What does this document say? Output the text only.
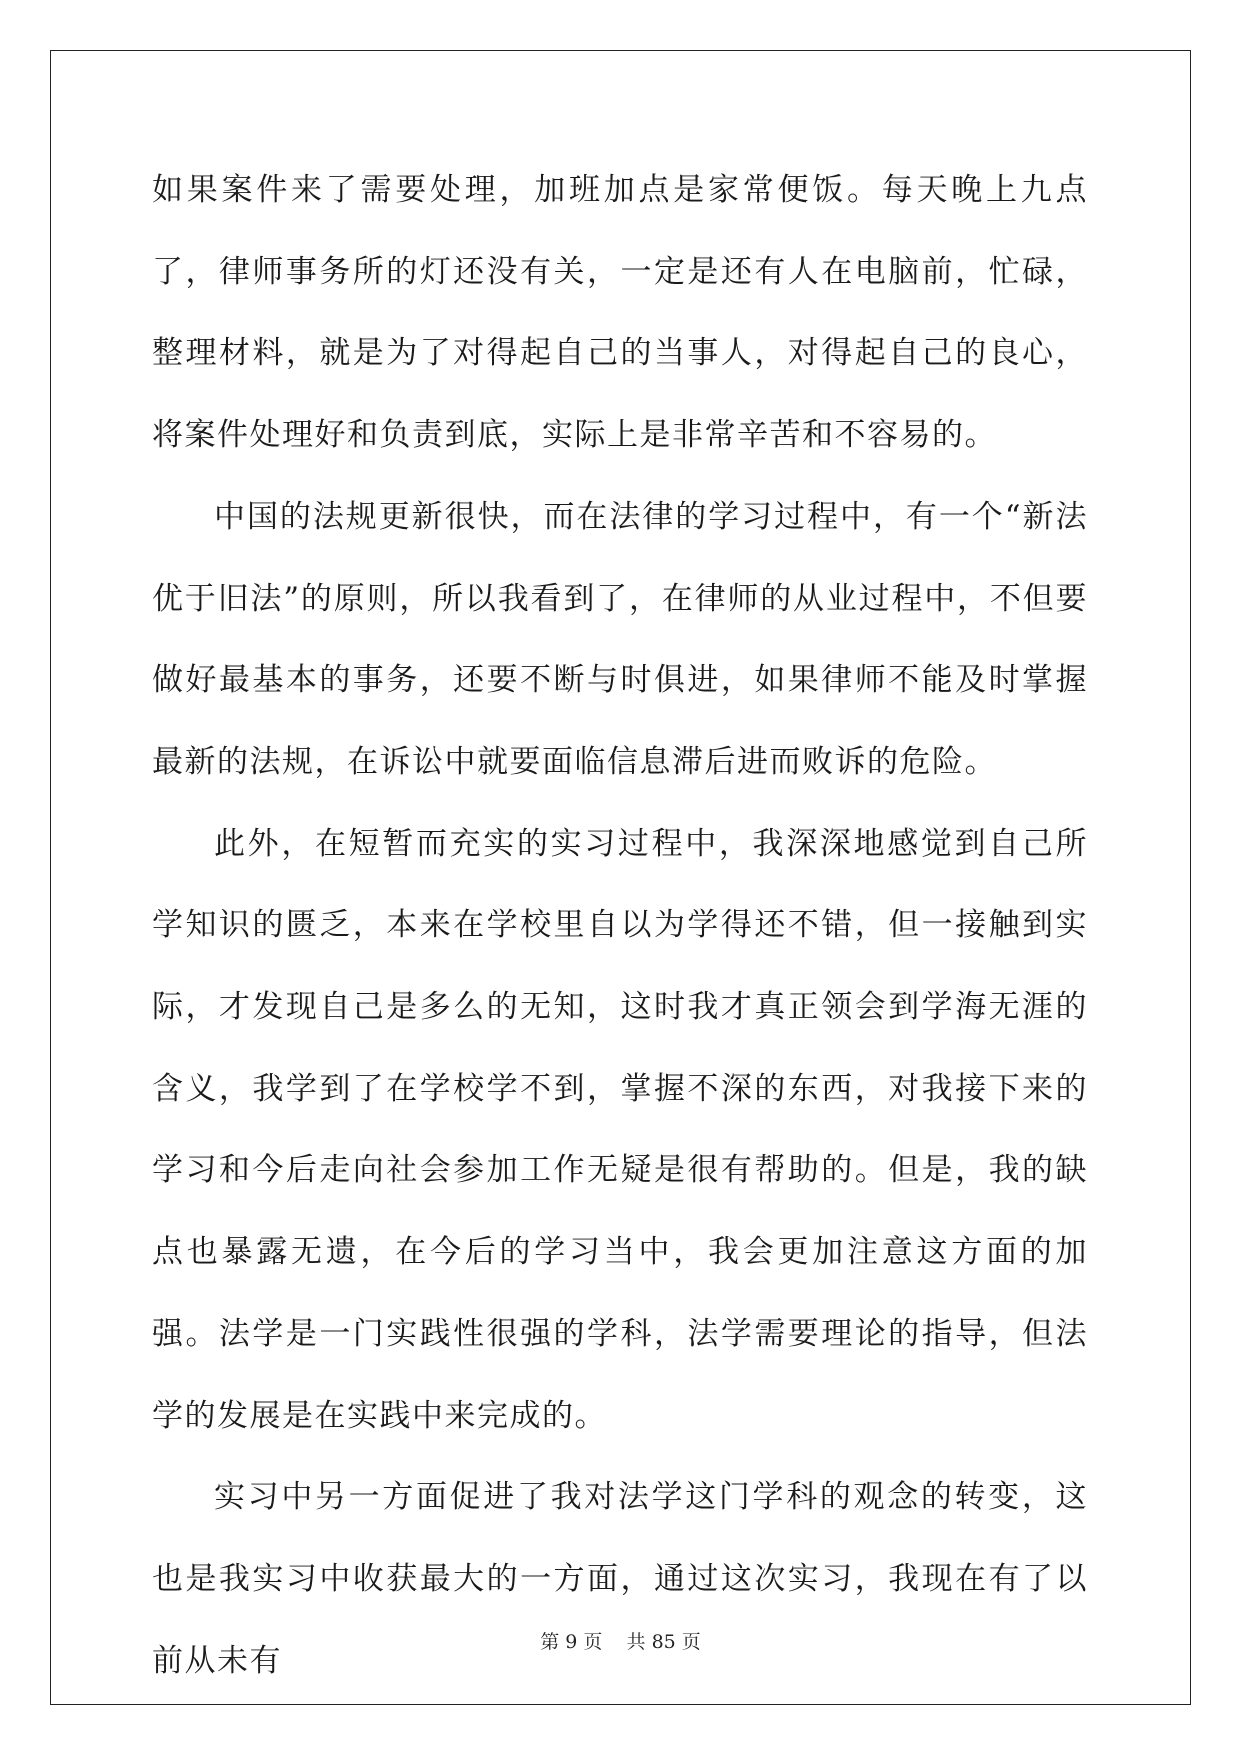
如果案件来了需要处理，加班加点是家常便饭。每天晚上九点了，律师事务所的灯还没有关，一定是还有人在电脑前，忙碌，整理材料，就是为了对得起自己的当事人，对得起自己的良心，将案件处理好和负责到底，实际上是非常辛苦和不容易的。

中国的法规更新很快，而在法律的学习过程中，有一个“新法优于旧法”的原则，所以我看到了，在律师的从业过程中，不但要做好最基本的事务，还要不断与时俱进，如果律师不能及时掌握最新的法规，在诉讼中就要面临信息滞后进而败诉的危险。

此外，在短暂而充实的实习过程中，我深深地感觉到自己所学知识的匮乏，本来在学校里自以为学得还不错，但一接触到实际，才发现自己是多么的无知，这时我才真正领会到学海无涯的含义，我学到了在学校学不到，掌握不深的东西，对我接下来的学习和今后走向社会参加工作无疑是很有帮助的。但是，我的缺点也暴露无遗，在今后的学习当中，我会更加注意这方面的加强。法学是一门实践性很强的学科，法学需要理论的指导，但法学的发展是在实践中来完成的。

实习中另一方面促进了我对法学这门学科的观念的转变，这也是我实习中收获最大的一方面，通过这次实习，我现在有了以前从未有

第 9 页    共 85 页
